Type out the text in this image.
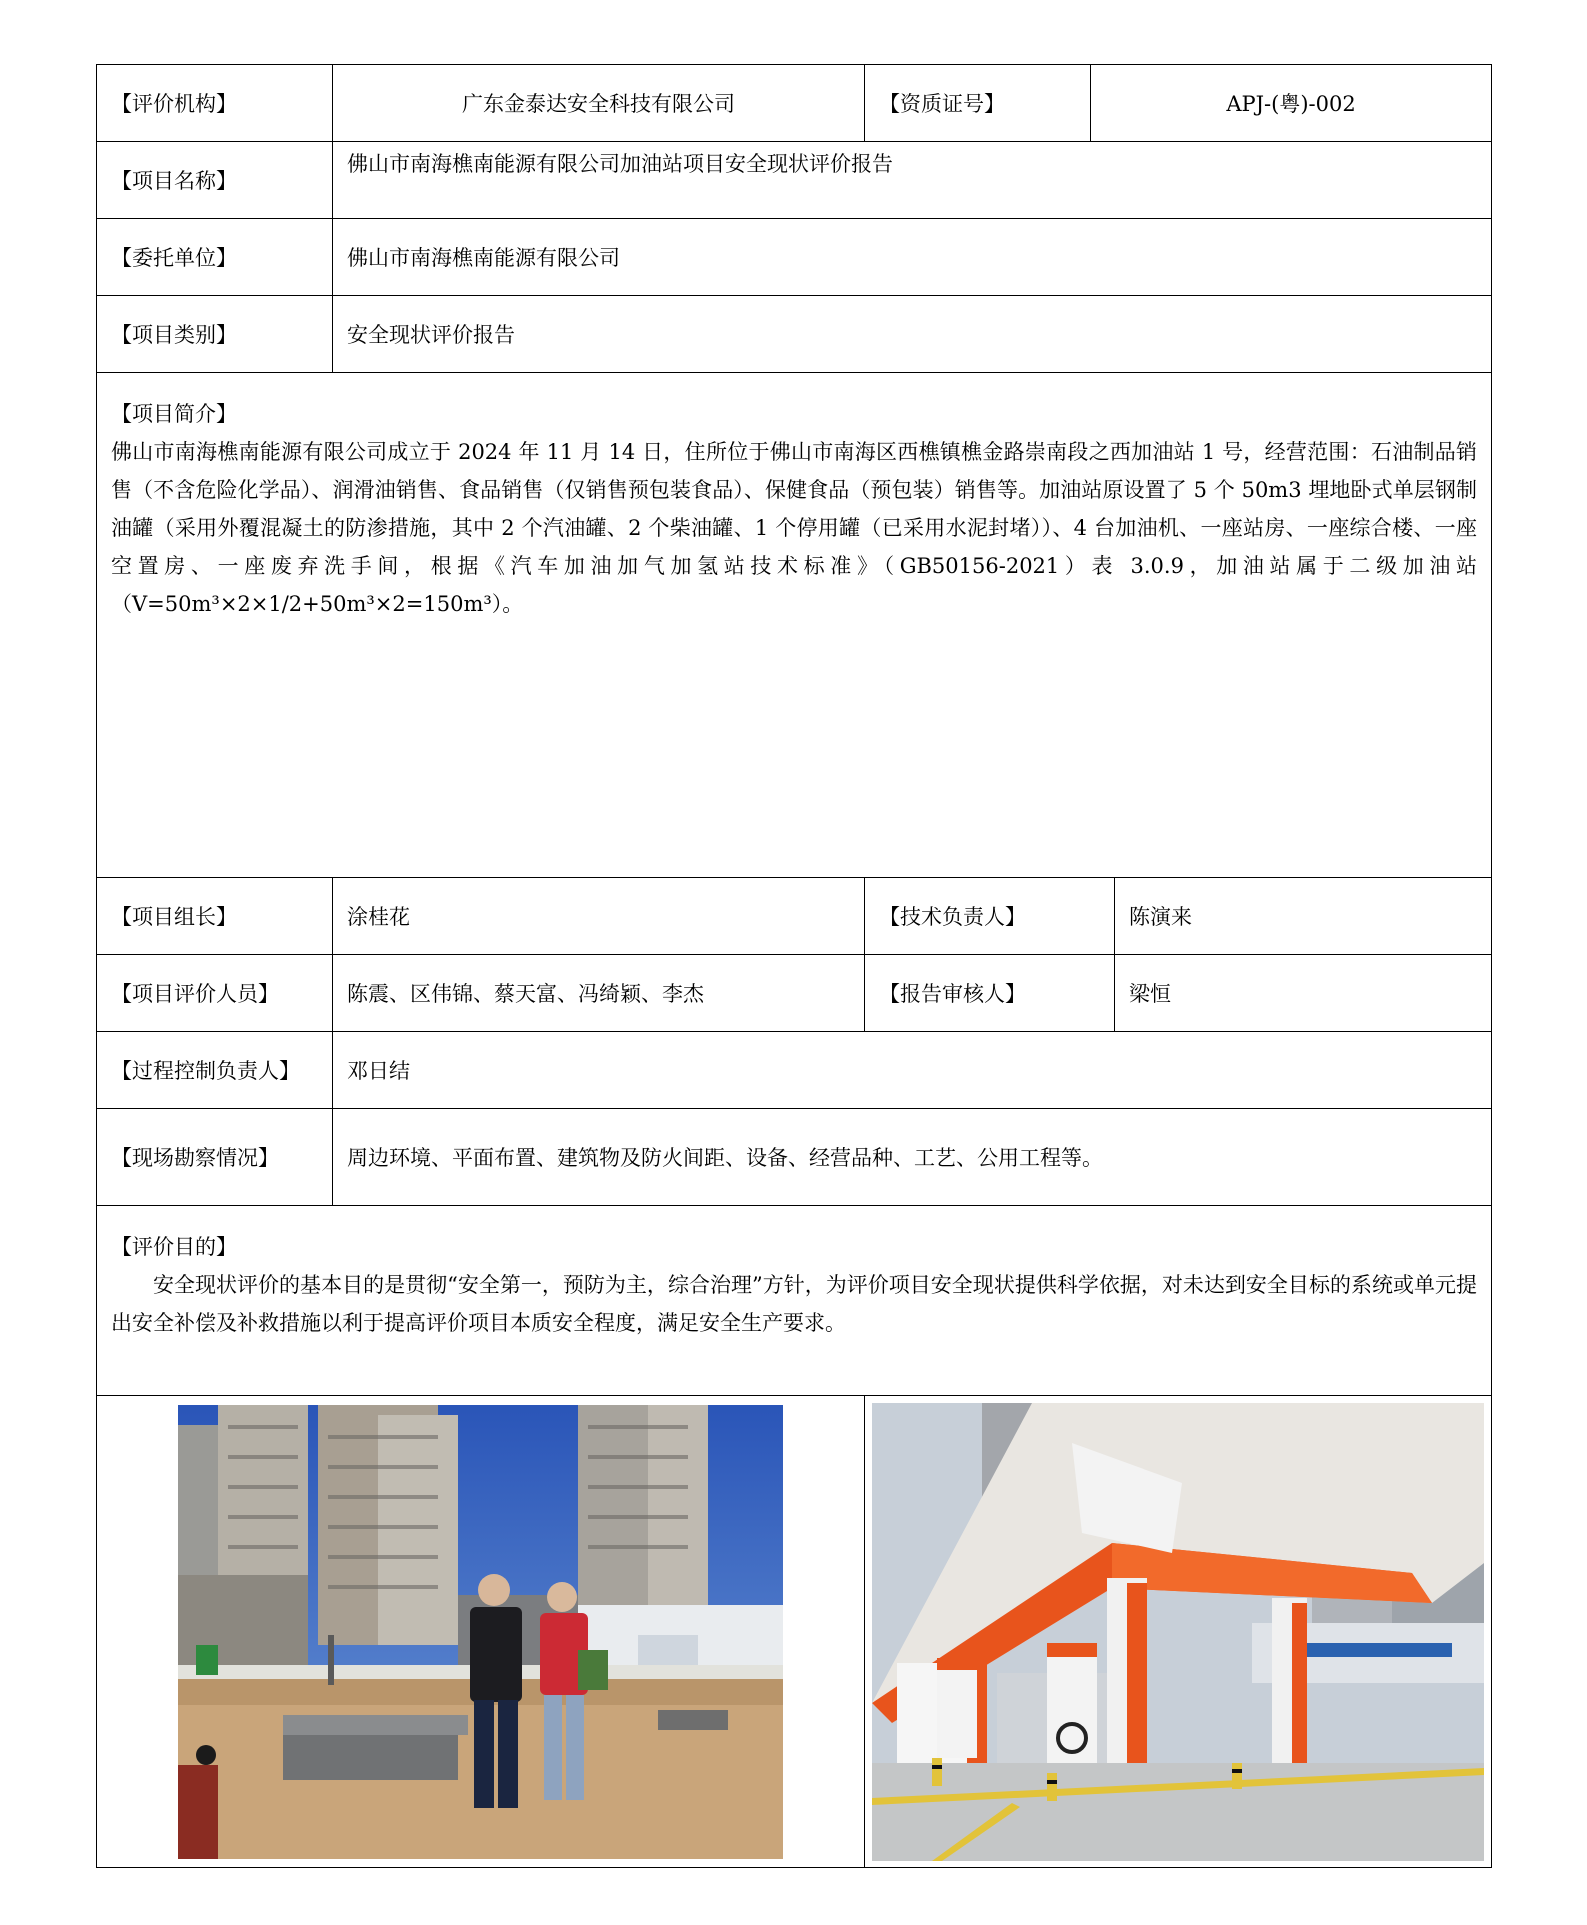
【评价机构】	广东金泰达安全科技有限公司	【资质证号】	APJ-(粤)-002	
【项目名称】	佛山市南海樵南能源有限公司加油站项目安全现状评价报告			
【委托单位】	佛山市南海樵南能源有限公司			
【项目类别】	安全现状评价报告			

【项目简介】
佛山市南海樵南能源有限公司成立于 2024 年 11 月 14 日，住所位于佛山市南海区西樵镇樵金路崇南段之西加油站 1 号，经营范围：石油制品销售（不含危险化学品）、润滑油销售、食品销售（仅销售预包装食品）、保健食品（预包装）销售等。加油站原设置了 5 个 50m3 埋地卧式单层钢制油罐（采用外覆混凝土的防渗措施，其中 2 个汽油罐、2 个柴油罐、1 个停用罐（已采用水泥封堵））、4 台加油机、一座站房、一座综合楼、一座空置房、一座废弃洗手间，根据《汽车加油加气加氢站技术标准》（GB50156-2021）表 3.0.9，加油站属于二级加油站（V=50m³×2×1/2+50m³×2=150m³）。				

【项目组长】	涂桂花	【技术负责人】		陈演来
【项目评价人员】	陈震、区伟锦、蔡天富、冯绮颖、李杰	【报告审核人】		梁恒
【过程控制负责人】	邓日结			
【现场勘察情况】	周边环境、平面布置、建筑物及防火间距、设备、经营品种、工艺、公用工程等。			

【评价目的】
安全现状评价的基本目的是贯彻“安全第一，预防为主，综合治理”方针，为评价项目安全现状提供科学依据，对未达到安全目标的系统或单元提出安全补偿及补救措施以利于提高评价项目本质安全程度，满足安全生产要求。				
